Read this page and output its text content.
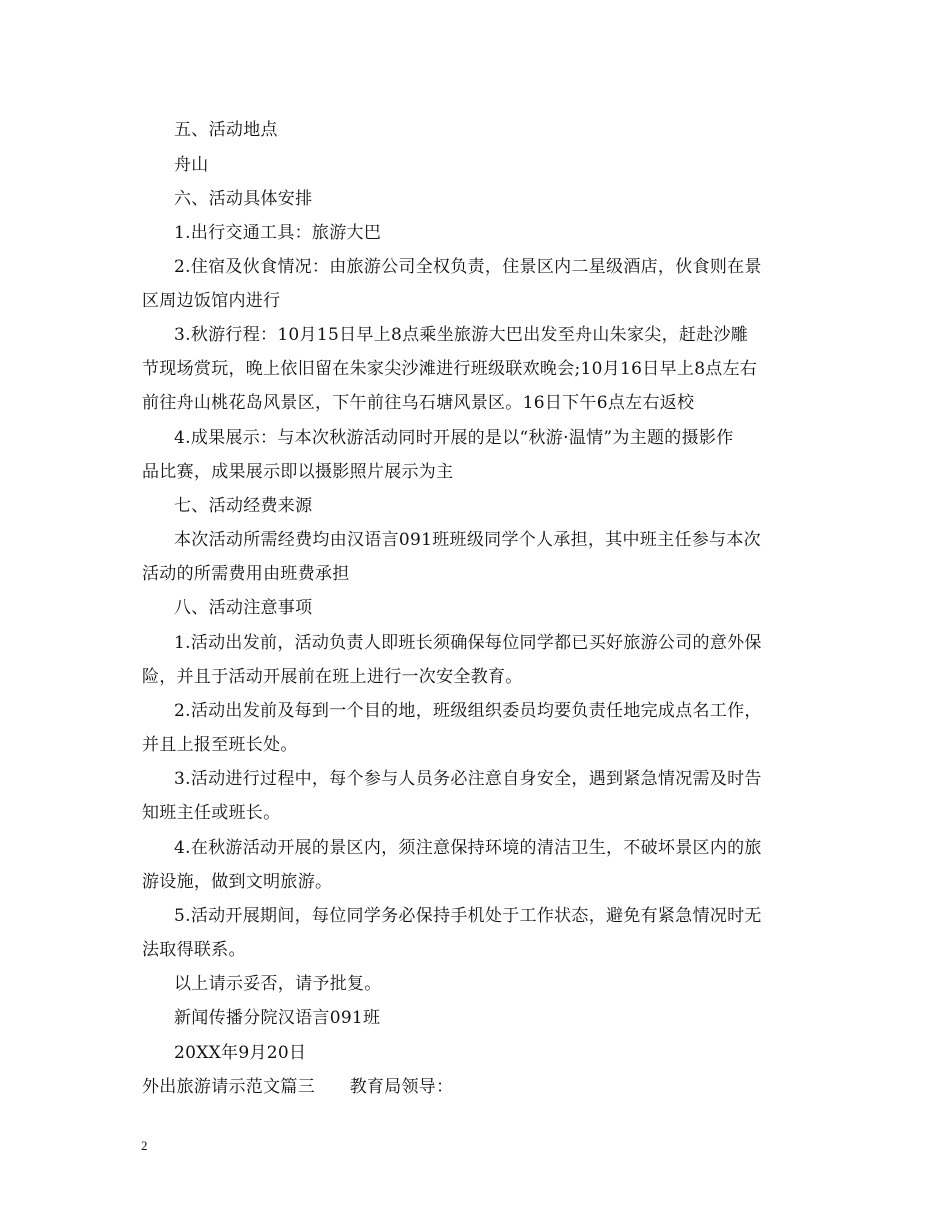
五、活动地点
舟山
六、活动具体安排
1.出行交通工具：旅游大巴
2.住宿及伙食情况：由旅游公司全权负责，住景区内二星级酒店，伙食则在景
区周边饭馆内进行
3.秋游行程：10月15日早上8点乘坐旅游大巴出发至舟山朱家尖，赶赴沙雕
节现场赏玩，晚上依旧留在朱家尖沙滩进行班级联欢晚会;10月16日早上8点左右
前往舟山桃花岛风景区，下午前往乌石塘风景区。16日下午6点左右返校
4.成果展示：与本次秋游活动同时开展的是以“秋游·温情”为主题的摄影作
品比赛，成果展示即以摄影照片展示为主
七、活动经费来源
本次活动所需经费均由汉语言091班班级同学个人承担，其中班主任参与本次
活动的所需费用由班费承担
八、活动注意事项
1.活动出发前，活动负责人即班长须确保每位同学都已买好旅游公司的意外保
险，并且于活动开展前在班上进行一次安全教育。
2.活动出发前及每到一个目的地，班级组织委员均要负责任地完成点名工作，
并且上报至班长处。
3.活动进行过程中，每个参与人员务必注意自身安全，遇到紧急情况需及时告
知班主任或班长。
4.在秋游活动开展的景区内，须注意保持环境的清洁卫生，不破坏景区内的旅
游设施，做到文明旅游。
5.活动开展期间，每位同学务必保持手机处于工作状态，避免有紧急情况时无
法取得联系。
以上请示妥否，请予批复。
新闻传播分院汉语言091班
20XX年9月20日
外出旅游请示范文篇三　　教育局领导：
2
